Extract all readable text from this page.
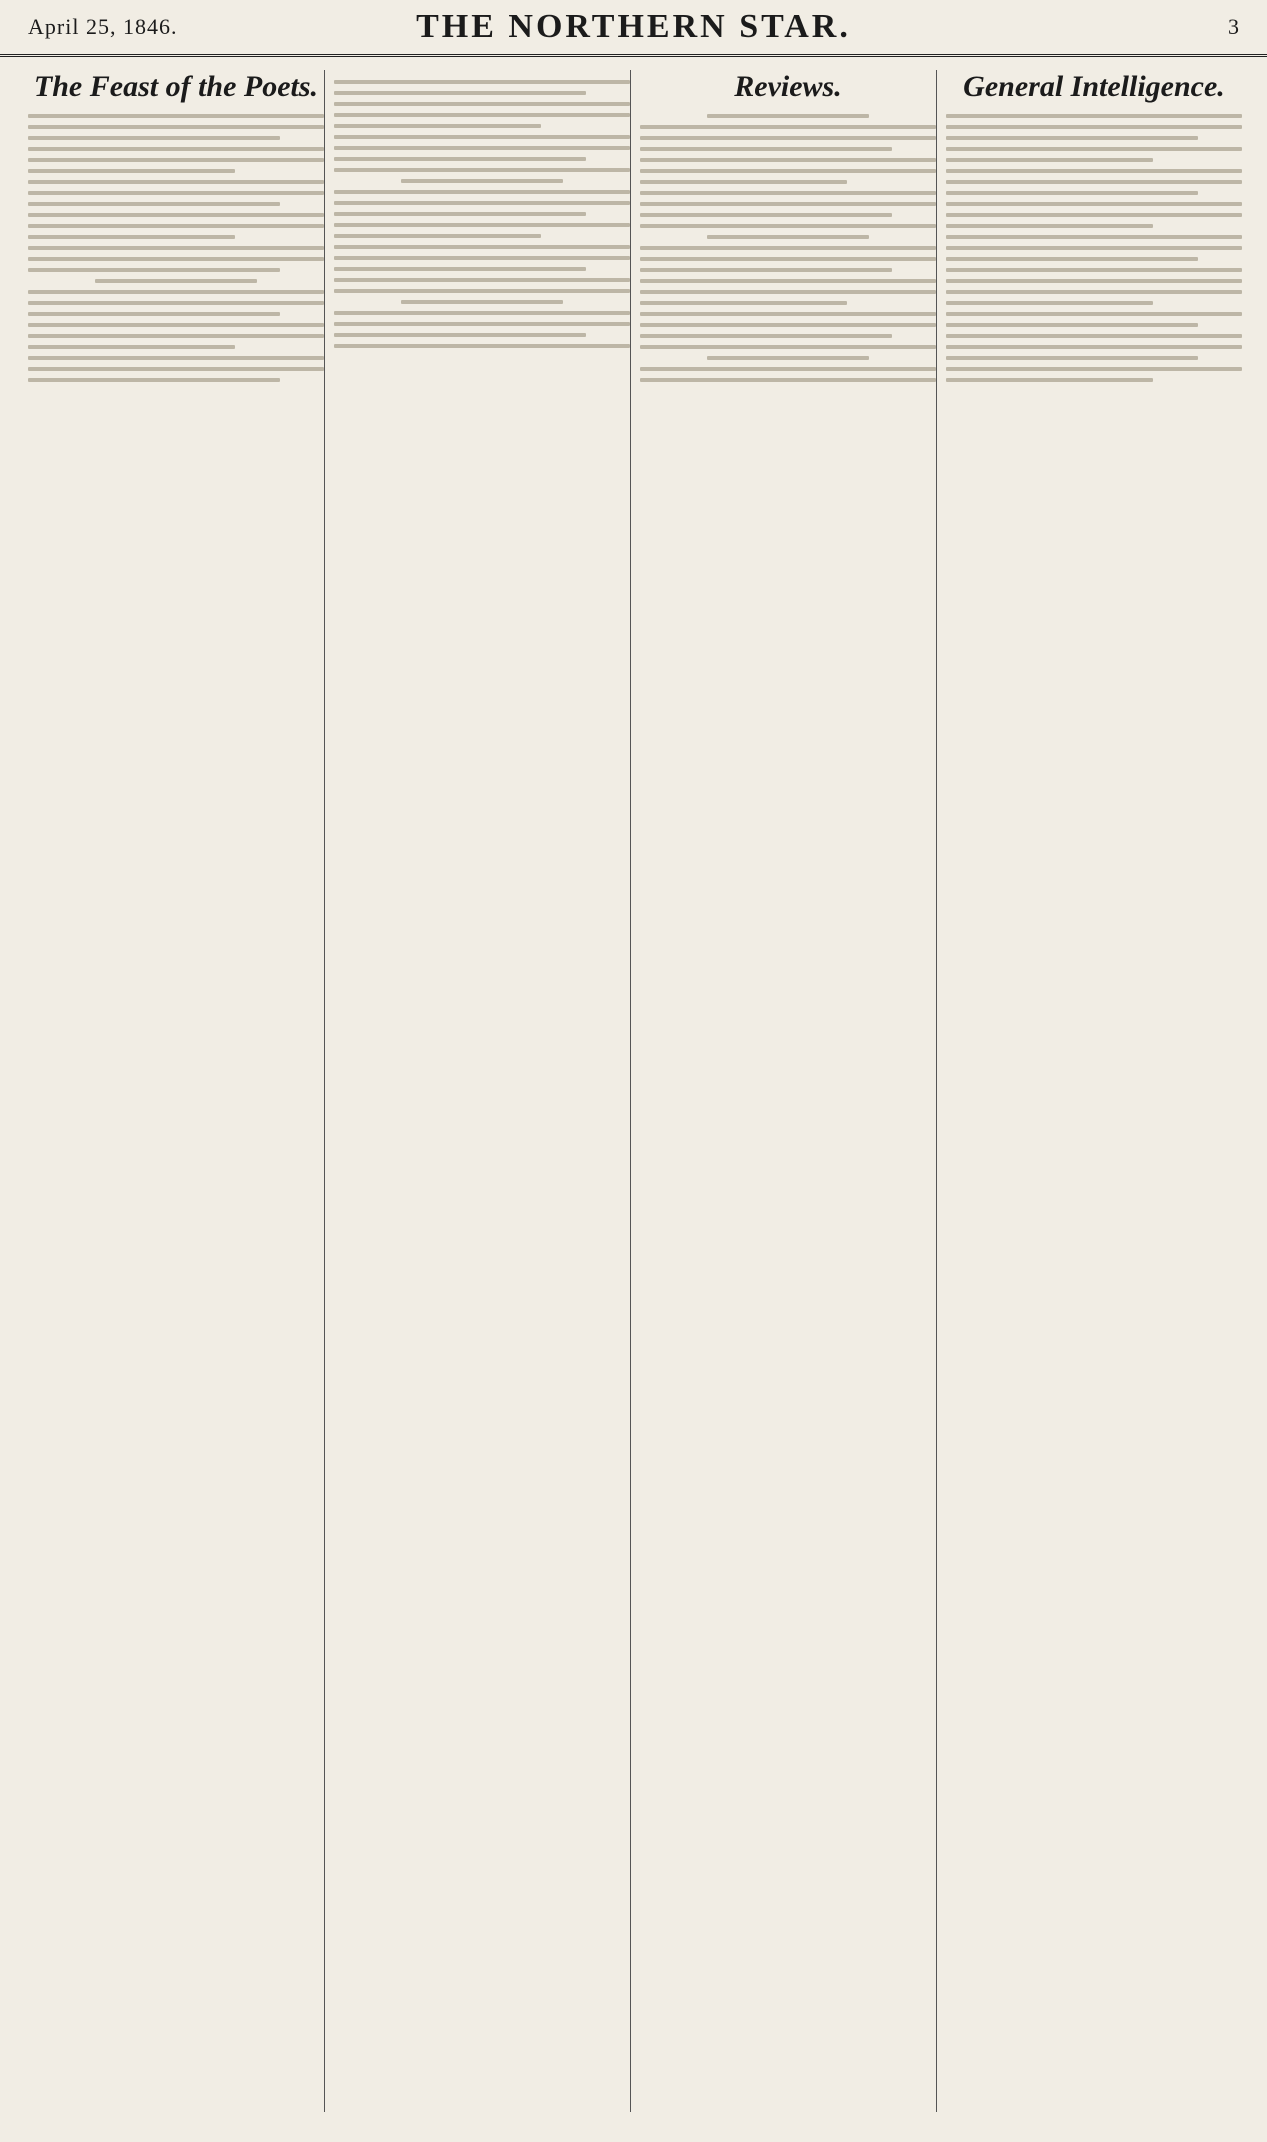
April 25, 1846.	THE NORTHERN STAR.	3
The Feast of the Poets.	Reviews.	General Intelligence.
